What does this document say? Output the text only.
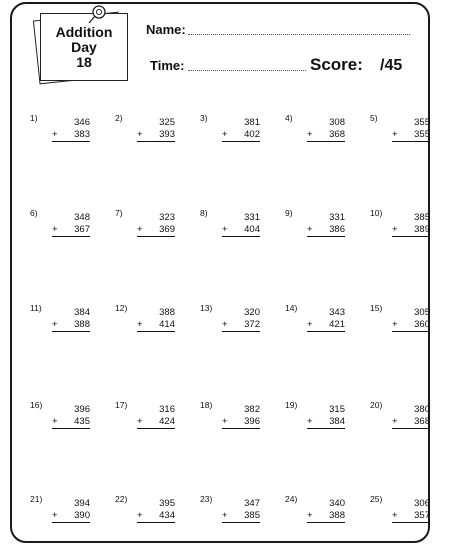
Addition
Day
18
Name:
Time:	Score: /45
1)	346
+ 383
2)	325
+ 393
3)	381
+ 402
4)	308
+ 368
5)	355
+ 355
6)	348
+ 367
7)	323
+ 369
8)	331
+ 404
9)	331
+ 386
10)	385
+ 389
11)	384
+ 388
12)	388
+ 414
13)	320
+ 372
14)	343
+ 421
15)	305
+ 360
16)	396
+ 435
17)	316
+ 424
18)	382
+ 396
19)	315
+ 384
20)	380
+ 368
21)	394
+ 390
22)	395
+ 434
23)	347
+ 385
24)	340
+ 388
25)	306
+ 357
